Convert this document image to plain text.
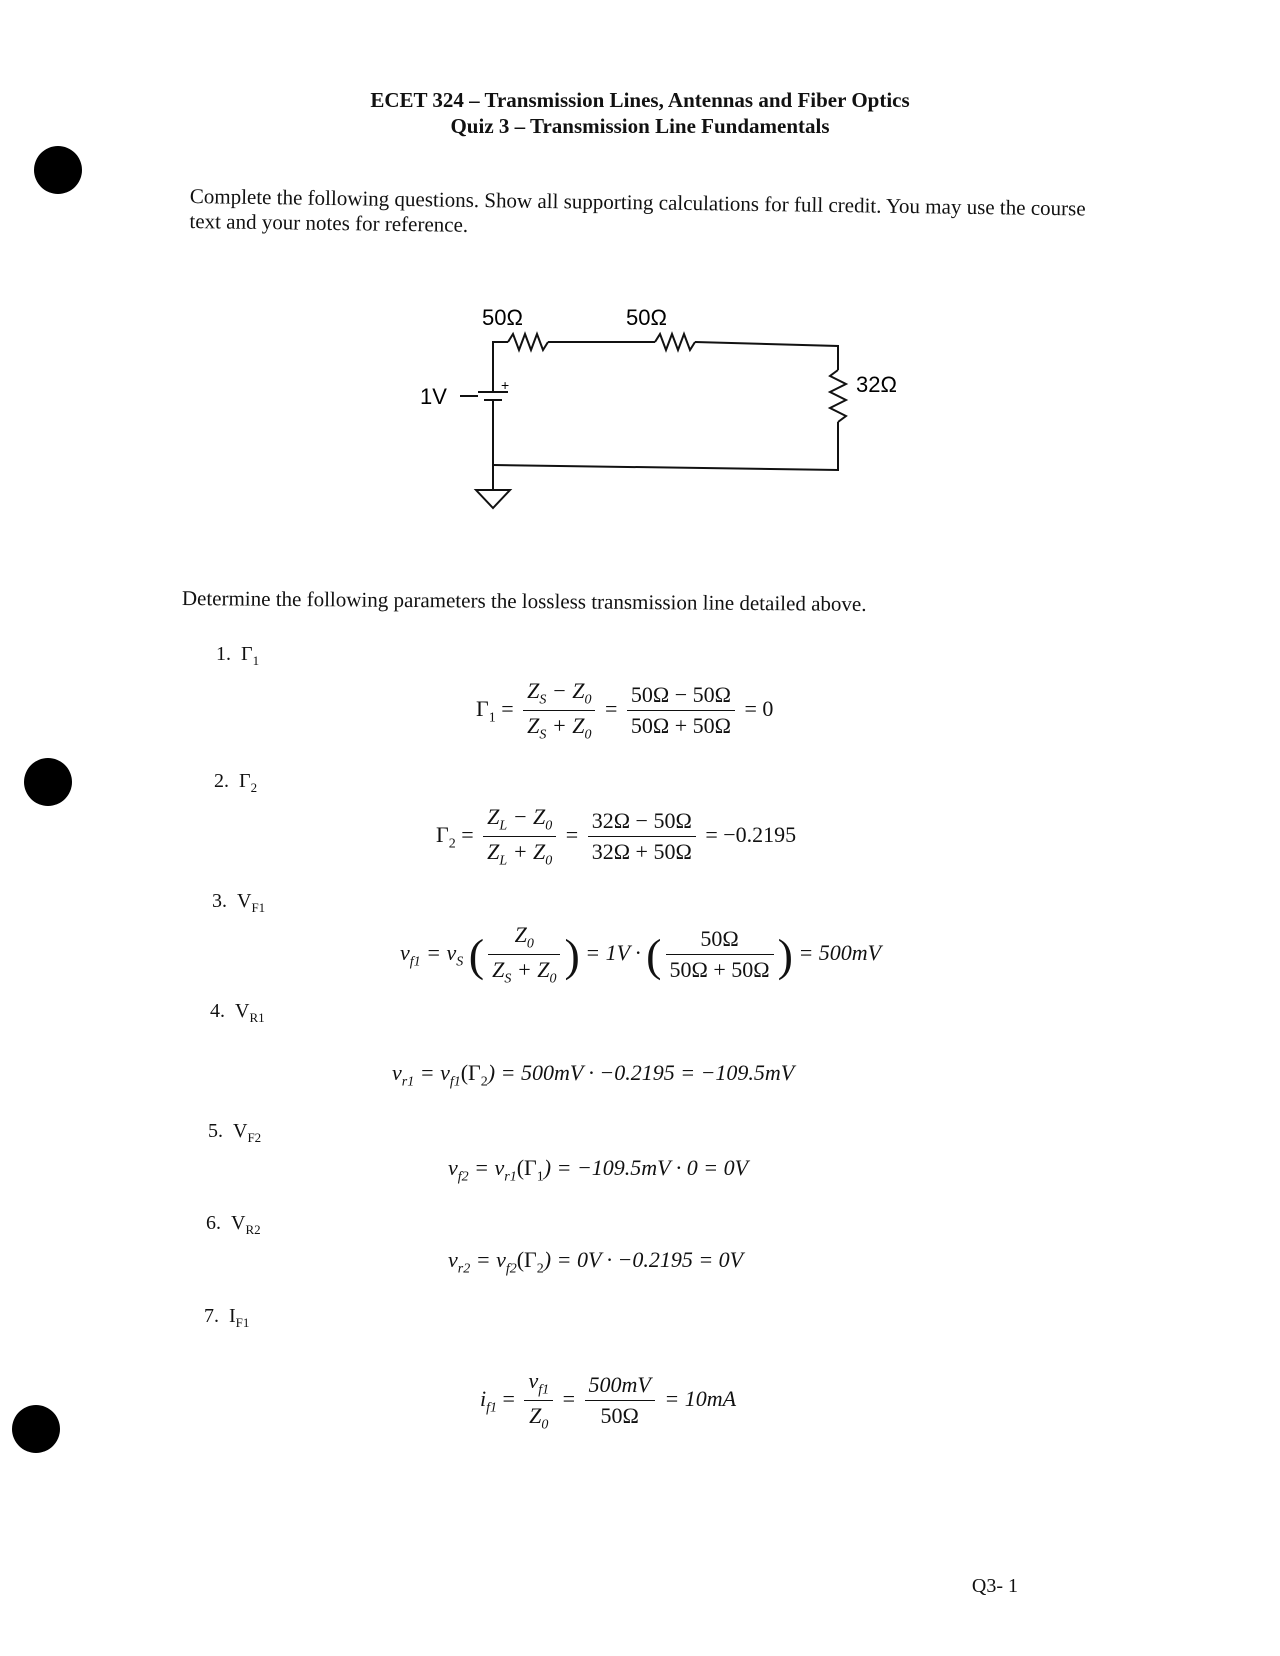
ECET 324 – Transmission Lines, Antennas and Fiber Optics
Quiz 3 – Transmission Line Fundamentals
Complete the following questions. Show all supporting calculations for full credit. You may use the course text and your notes for reference.
50Ω	50Ω
32Ω
1V	+
Determine the following parameters the lossless transmission line detailed above.
1. $\Gamma_1$
2. $\Gamma_2$
3. $V_{F1}$
4. $V_{R1}$
5. $V_{F2}$
6. $V_{R2}$
7. $I_{F1}$
$\Gamma_1 = \frac{Z_S - Z_0}{Z_S + Z_0} = \frac{50\Omega - 50\Omega}{50\Omega + 50\Omega} = 0$
$\Gamma_2 = \frac{Z_L - Z_0}{Z_L + Z_0} = \frac{32\Omega - 50\Omega}{32\Omega + 50\Omega} = -0.2195$
$v_{f1} = v_S$ ( $\frac{Z_0}{Z_S + Z_0}$ ) = 1V · ( $\frac{50\Omega}{50\Omega + 50\Omega}$ ) = 500mV
$v_{r1} = v_{f1}(\Gamma_2) = 500mV \cdot -0.2195 = -109.5mV$
$v_{f2} = v_{r1}(\Gamma_1) = -109.5mV \cdot 0 = 0V$
$v_{r2} = v_{f2}(\Gamma_2) = 0V \cdot -0.2195 = 0V$
$i_{f1} = \frac{v_{f1}}{Z_0} = \frac{500mV}{50\Omega} = 10mA$
Q3- 1
